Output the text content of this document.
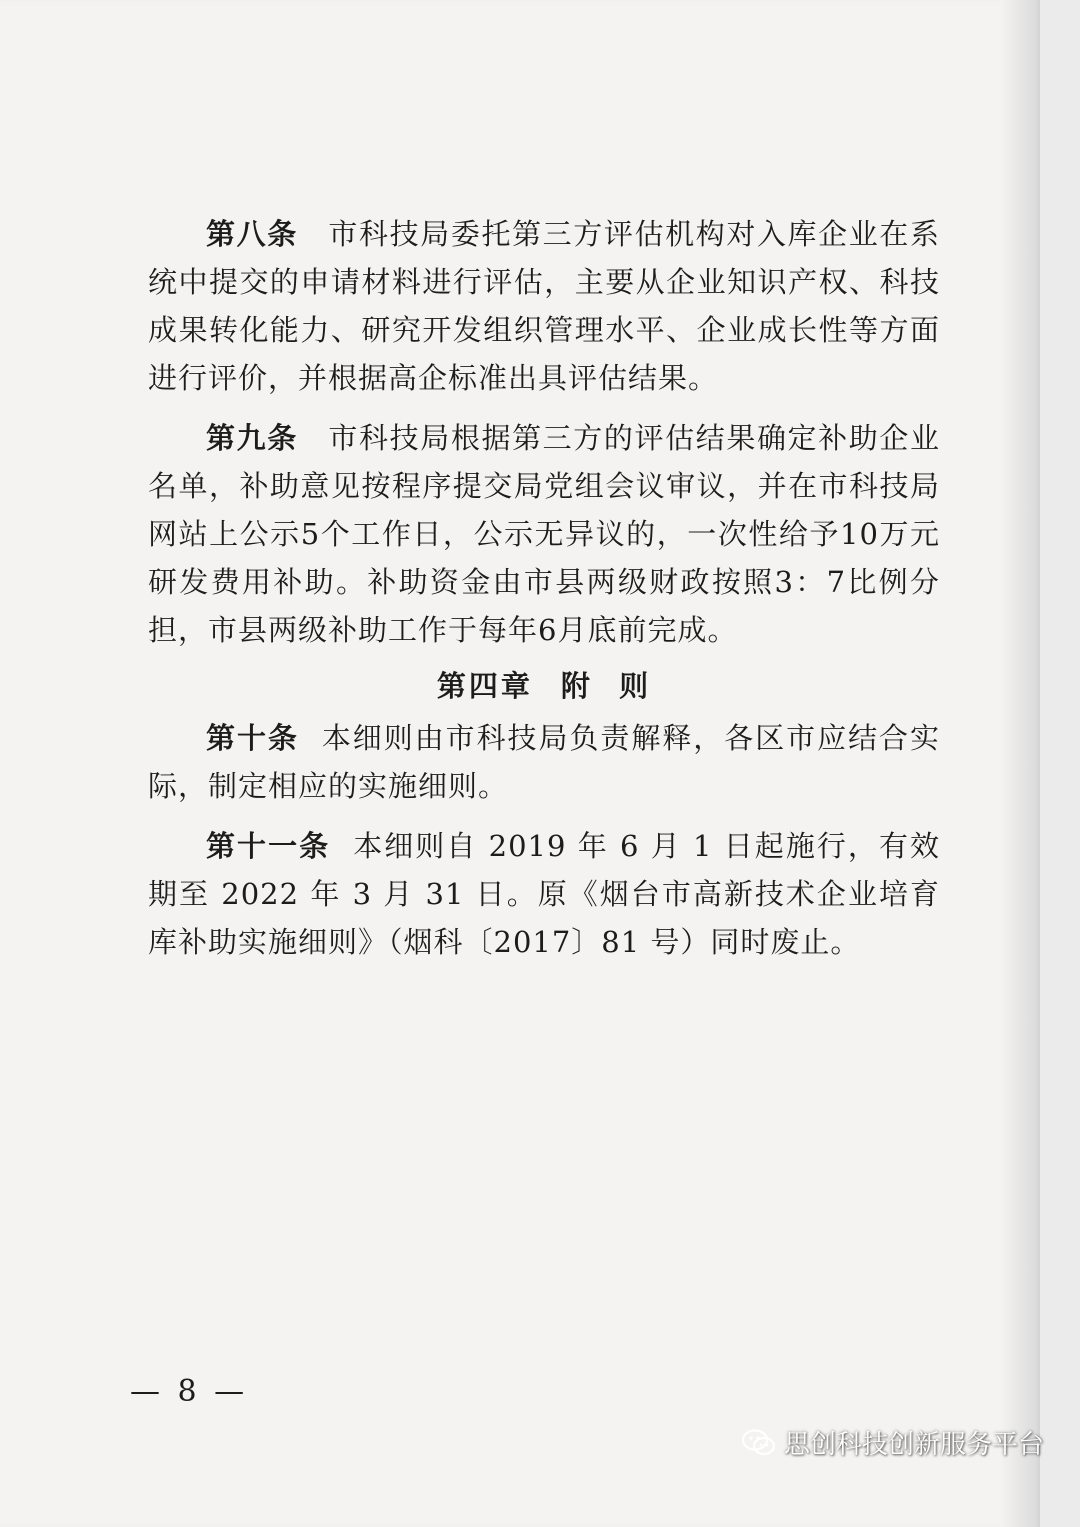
第八条 市科技局委托第三方评估机构对入库企业在系统中提交的申请材料进行评估，主要从企业知识产权、科技成果转化能力、研究开发组织管理水平、企业成长性等方面进行评价，并根据高企标准出具评估结果。

第九条 市科技局根据第三方的评估结果确定补助企业名单，补助意见按程序提交局党组会议审议，并在市科技局网站上公示5个工作日，公示无异议的，一次性给予10万元研发费用补助。补助资金由市县两级财政按照3：7比例分担，市县两级补助工作于每年6月底前完成。

第四章 附  则

第十条 本细则由市科技局负责解释，各区市应结合实际，制定相应的实施细则。

第十一条 本细则自 2019 年 6 月 1 日起施行，有效期至 2022 年 3 月 31 日。原《烟台市高新技术企业培育库补助实施细则》（烟科〔2017〕81 号）同时废止。

— 8 —
思创科技创新服务平台
